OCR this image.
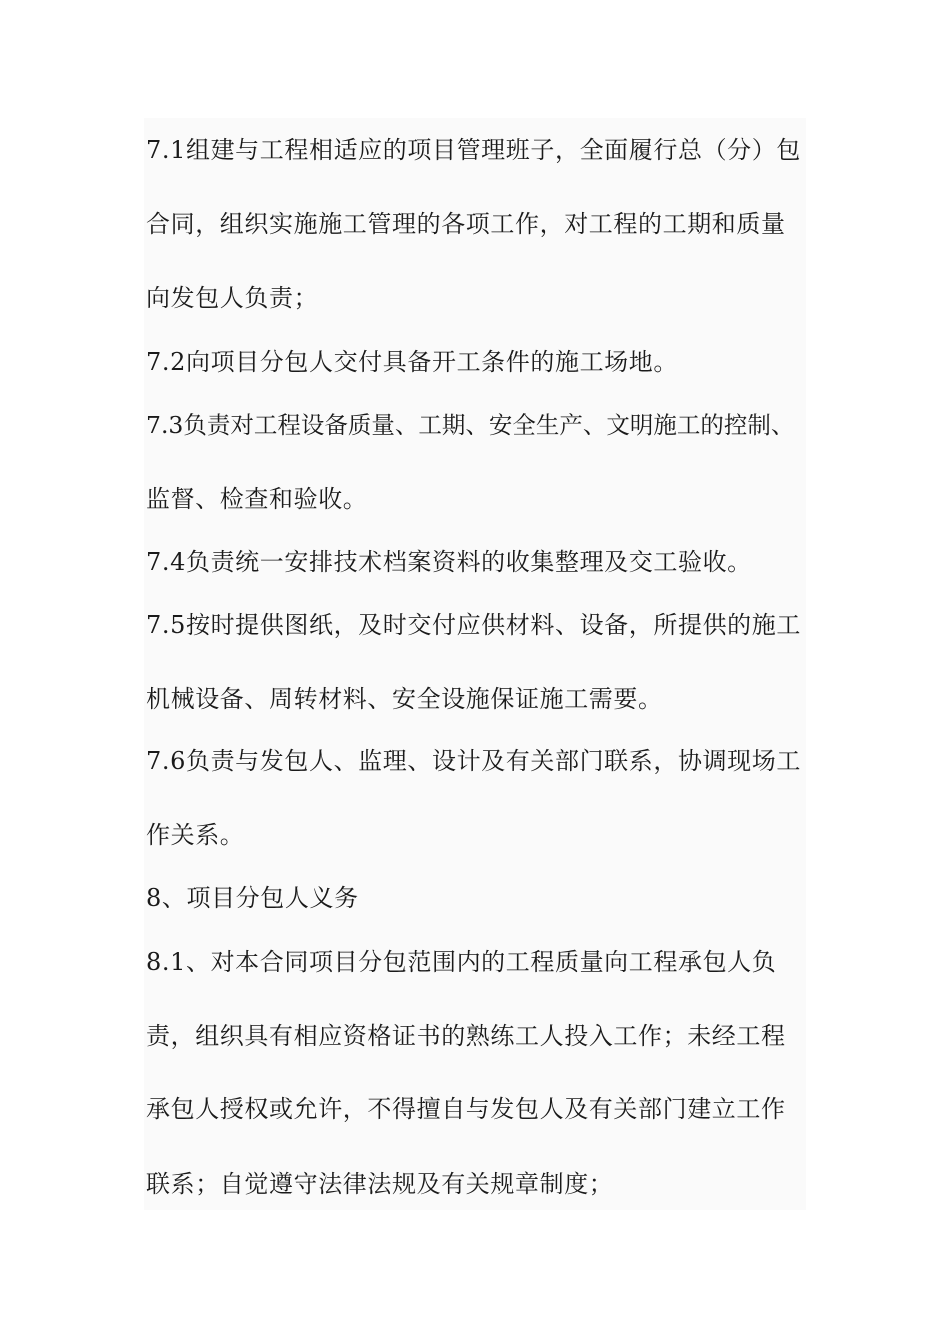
7.1组建与工程相适应的项目管理班子，全面履行总（分）包
合同，组织实施施工管理的各项工作，对工程的工期和质量
向发包人负责；
7.2向项目分包人交付具备开工条件的施工场地。
7.3负责对工程设备质量、工期、安全生产、文明施工的控制、
监督、检查和验收。
7.4负责统一安排技术档案资料的收集整理及交工验收。
7.5按时提供图纸，及时交付应供材料、设备，所提供的施工
机械设备、周转材料、安全设施保证施工需要。
7.6负责与发包人、监理、设计及有关部门联系，协调现场工
作关系。
8、项目分包人义务
8.1、对本合同项目分包范围内的工程质量向工程承包人负
责，组织具有相应资格证书的熟练工人投入工作；未经工程
承包人授权或允许，不得擅自与发包人及有关部门建立工作
联系；自觉遵守法律法规及有关规章制度；
